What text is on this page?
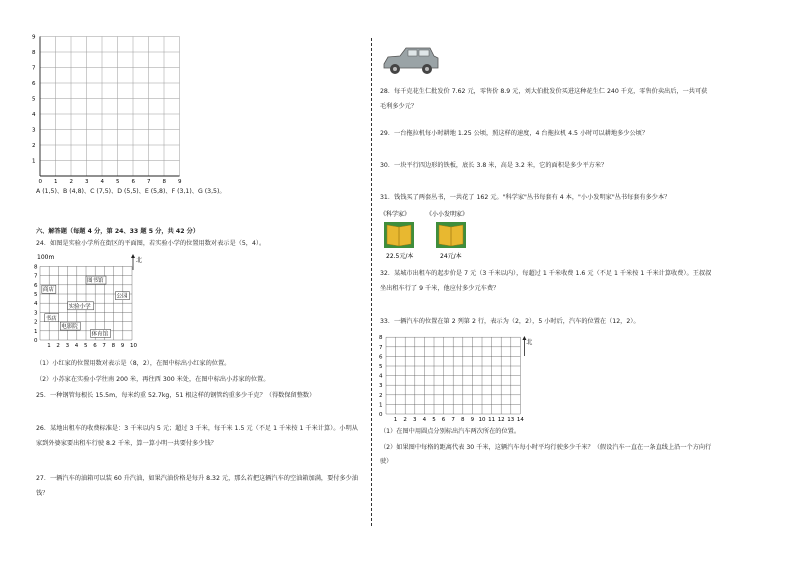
9
8
7
6
5
4
3
2
1
0 1 2 3 4 5 6 7 8 9
A (1,5)、B (4,8)、C (7,5)、D (5,5)、E (5,8)、F (3,1)、G (3,5)。
六、解答题（每题 4 分，第 24、33 题 5 分，共 42 分）
24．如图是实验小学所在街区的平面图，若实验小学的位置用数对表示是（5，4）。
100m	北
8
7
6
5
4
3
2
1
0
1 2 3 4 5 6 7 8 9 10
图书馆
商店
公园
实验小学
书店
电影院
体育馆
（1）小红家的位置用数对表示是（8，2），在图中标出小红家的位置。
（2）小苏家在实验小学往南 200 米，再往西 300 米处，在图中标出小苏家的位置。
25．一种钢管每根长 15.5m，每米约重 52.7kg，51 根这样的钢管约重多少千克？（得数保留整数）
26．某地出租车的收费标准是：3 千米以内 5 元；超过 3 千米，每千米 1.5 元（不足 1 千米按 1 千米计算）。小明从家到外婆家要出租车行驶 8.2 千米，算一算小明一共要付多少钱？
27．一辆汽车的油箱可以装 60 升汽油，如果汽油价格是每升 8.32 元，那么若把这辆汽车的空油箱加满，要付多少油钱？
28．每千克花生仁批发价 7.62 元，零售价 8.9 元，刘大伯批发价买进这种花生仁 240 千克，零售价卖出后，一共可获毛利多少元？
29．一台拖拉机每小时耕地 1.25 公顷，照这样的速度，4 台拖拉机 4.5 小时可以耕地多少公顷？
30．一块平行四边形的铁板，底长 3.8 米，高是 3.2 米，它的面积是多少平方米？
31．钱钱买了两套丛书，一共花了 162 元。"科学家"丛书每套有 4 本，"小小发明家"丛书每套有多少本？
《科学家》	《小小发明家》
22.5元/本	24元/本
32．某城市出租车的起步价是 7 元（3 千米以内），每超过 1 千米收费 1.6 元（不足 1 千米按 1 千米计算收费）。王叔叔坐出租车行了 9 千米，他应付多少元车费？
33．一辆汽车的位置在第 2 列第 2 行，表示为（2，2），5 小时后，汽车的位置在（12，2）。
8
7
6
5
4
3
2
1
0
1 2 3 4 5 6 7 8 9 10 11 12 13 14
北
（1）在图中用圆点分别标出汽车两次所在的位置。
（2）如果图中每格的距离代表 30 千米，这辆汽车每小时平均行驶多少千米？（假设汽车一直在一条直线上沿一个方向行驶）
